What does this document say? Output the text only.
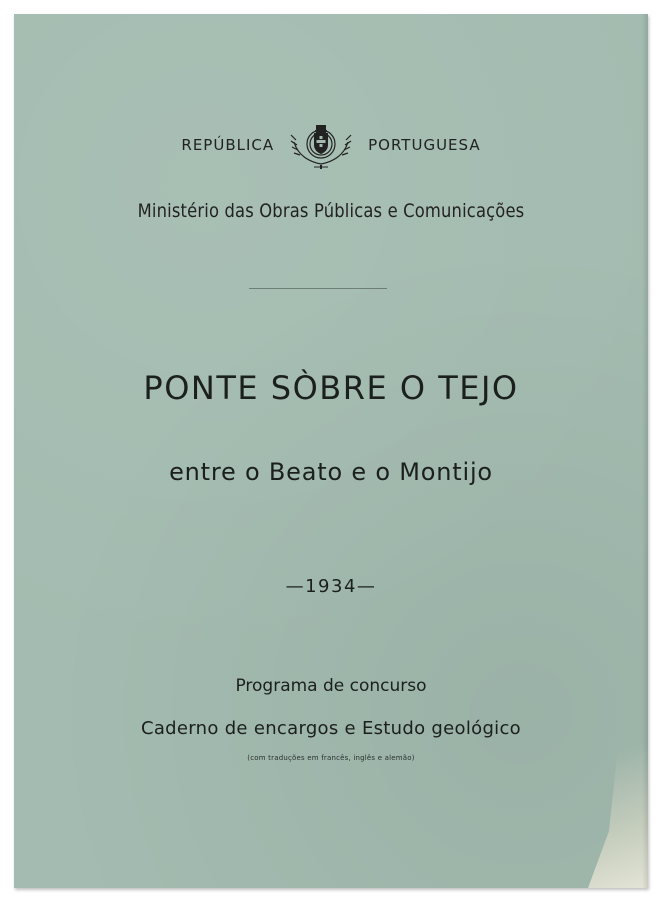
REPÚBLICA	PORTUGUESA
Ministério das Obras Públicas e Comunicações
PONTE SÒBRE O TEJO
entre o Beato e o Montijo
—1934—
Programa de concurso
Caderno de encargos e Estudo geológico
(com traduções em francês, inglês e alemão)
